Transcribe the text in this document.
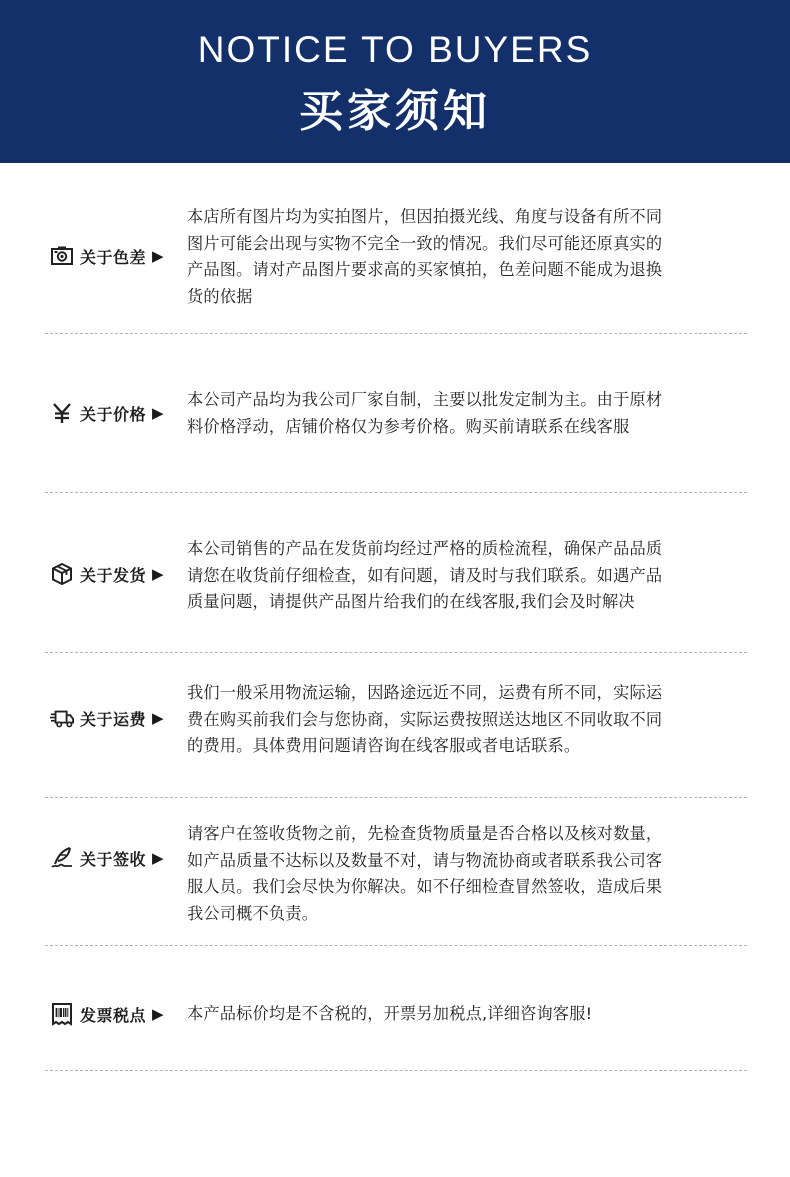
NOTICE TO BUYERS
买家须知
关于色差 ▶
本店所有图片均为实拍图片，但因拍摄光线、角度与设备有所不同
图片可能会出现与实物不完全一致的情况。我们尽可能还原真实的
产品图。请对产品图片要求高的买家慎拍，色差问题不能成为退换
货的依据
关于价格 ▶
本公司产品均为我公司厂家自制，主要以批发定制为主。由于原材
料价格浮动，店铺价格仅为参考价格。购买前请联系在线客服
关于发货 ▶
本公司销售的产品在发货前均经过严格的质检流程，确保产品品质
请您在收货前仔细检查，如有问题，请及时与我们联系。如遇产品
质量问题，请提供产品图片给我们的在线客服,我们会及时解决
关于运费 ▶
我们一般采用物流运输，因路途远近不同，运费有所不同，实际运
费在购买前我们会与您协商，实际运费按照送达地区不同收取不同
的费用。具体费用问题请咨询在线客服或者电话联系。
关于签收 ▶
请客户在签收货物之前，先检查货物质量是否合格以及核对数量，
如产品质量不达标以及数量不对，请与物流协商或者联系我公司客
服人员。我们会尽快为你解决。如不仔细检查冒然签收，造成后果
我公司概不负责。
发票税点 ▶ 本产品标价均是不含税的，开票另加税点,详细咨询客服!
